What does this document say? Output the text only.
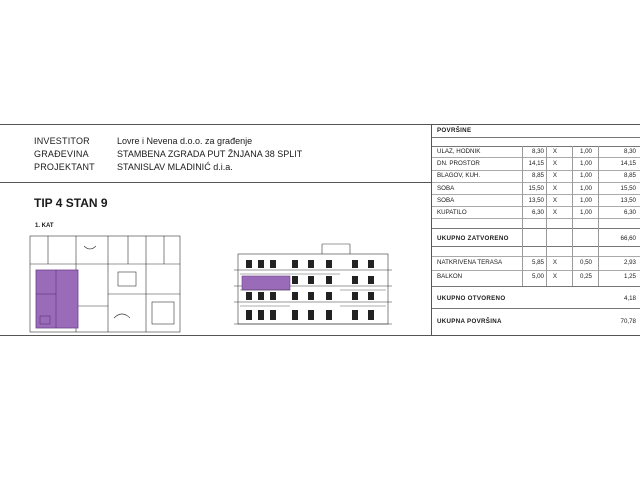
INVESTITOR	Lovre i Nevena d.o.o. za građenje
GRAĐEVINA	STAMBENA ZGRADA PUT ŽNJANA 38 SPLIT
PROJEKTANT STANISLAV MLADINIĆ d.i.a.
TIP 4 STAN 9
1. KAT
POVRŠINE
ULAZ, HODNIK	8,30	X	1,00	8,30
DN. PROSTOR	14,15	X	1,00	14,15
BLAGOV, KUH.	8,85	X	1,00	8,85
SOBA	15,50	X	1,00	15,50
SOBA	13,50	X	1,00	13,50
KUPATILO	6,30	X	1,00	6,30
UKUPNO ZATVORENO	66,60
NATKRIVENA TERASA	5,85	X	0,50	2,93
BALKON	5,00	X	0,25	1,25
UKUPNO OTVORENO	4,18
UKUPNA POVRŠINA	70,78
